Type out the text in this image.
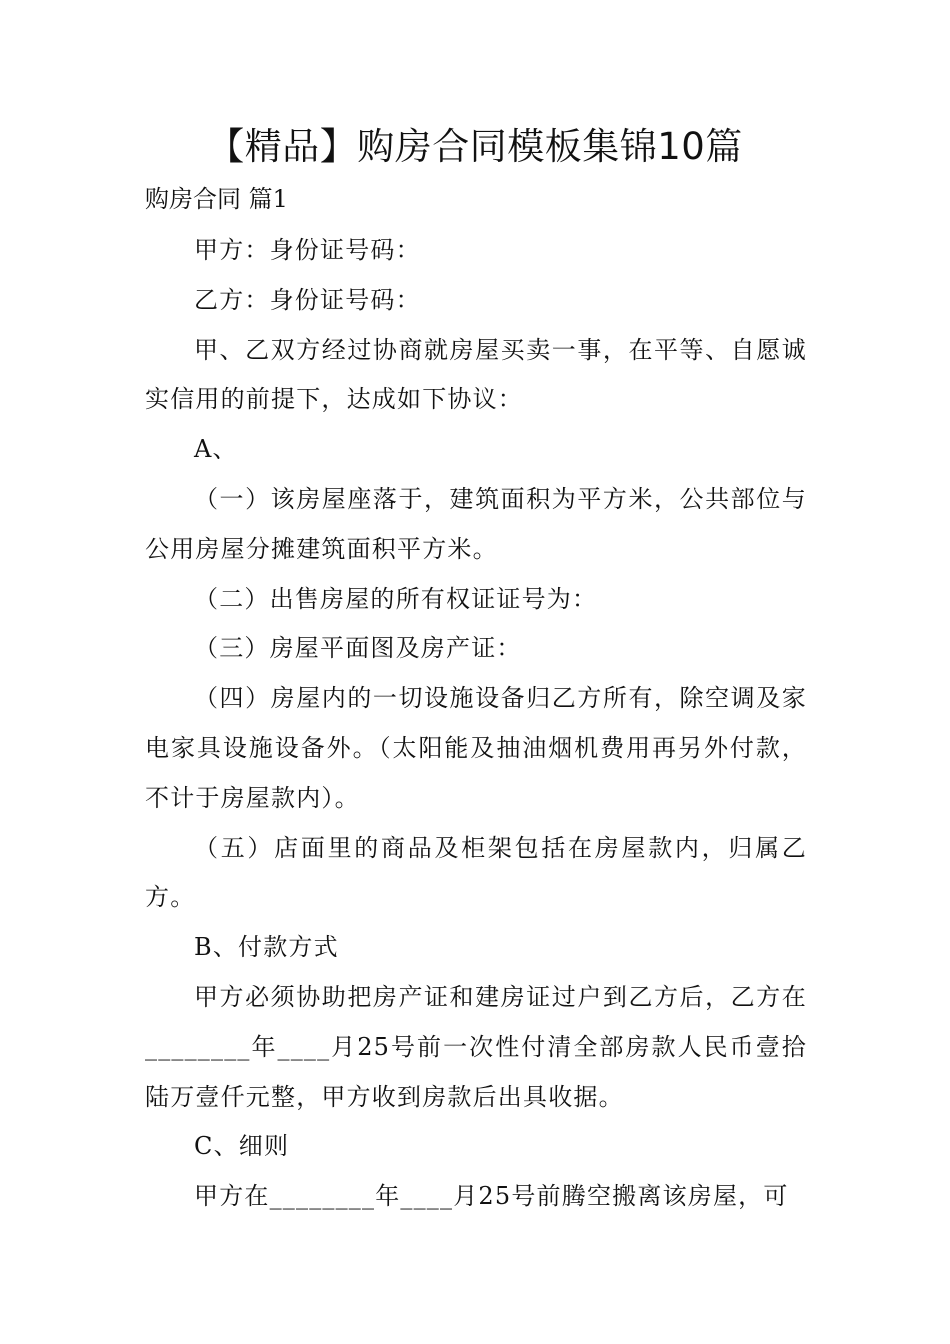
【精品】购房合同模板集锦10篇

购房合同 篇1

甲方：身份证号码：

乙方：身份证号码：

甲、乙双方经过协商就房屋买卖一事，在平等、自愿诚实信用的前提下，达成如下协议：

A、

（一）该房屋座落于，建筑面积为平方米，公共部位与公用房屋分摊建筑面积平方米。

（二）出售房屋的所有权证证号为：

（三）房屋平面图及房产证：

（四）房屋内的一切设施设备归乙方所有，除空调及家电家具设施设备外。（太阳能及抽油烟机费用再另外付款，不计于房屋款内）。

（五）店面里的商品及柜架包括在房屋款内，归属乙方。

B、付款方式

甲方必须协助把房产证和建房证过户到乙方后，乙方在________年____月25号前一次性付清全部房款人民币壹拾陆万壹仟元整，甲方收到房款后出具收据。

C、细则

甲方在________年____月25号前腾空搬离该房屋，可
